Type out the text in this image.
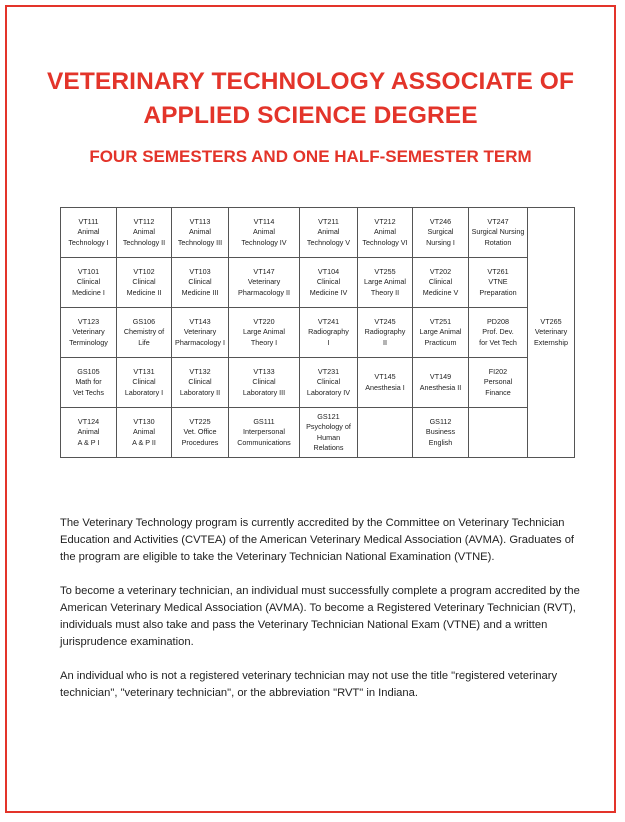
VETERINARY TECHNOLOGY ASSOCIATE OF APPLIED SCIENCE DEGREE
FOUR SEMESTERS AND ONE HALF-SEMESTER TERM
VT111
Animal
Technology I	VT112
Animal
Technology II	VT113
Animal
Technology III	VT114
Animal
Technology IV	VT211
Animal
Technology V	VT212
Animal
Technology VI	VT246
Surgical
Nursing I	VT247
Surgical Nursing
Rotation	VT265
Veterinary
Externship

VT101
Clinical
Medicine I	VT102
Clinical
Medicine II	VT103
Clinical
Medicine III	VT147
Veterinary
Pharmacology II	VT104
Clinical
Medicine IV	VT255
Large Animal
Theory II	VT202
Clinical
Medicine V	VT261
VTNE
Preparation	

VT123
Veterinary
Terminology	GS106
Chemistry of
Life	VT143
Veterinary
Pharmacology I	VT220
Large Animal
Theory I	VT241
Radiography
I	VT245
Radiography
II	VT251
Large Animal
Practicum	PD208
Prof. Dev.
for Vet Tech	

GS105
Math for
Vet Techs	VT131
Clinical
Laboratory I	VT132
Clinical
Laboratory II	VT133
Clinical
Laboratory III	VT231
Clinical
Laboratory IV	VT145
Anesthesia I	VT149
Anesthesia II	FI202
Personal
Finance	

VT124
Animal
A & P I	VT130
Animal
A & P II	VT225
Vet. Office
Procedures	GS111
Interpersonal
Communications	GS121
Psychology of
Human Relations		GS112
Business
English		

The Veterinary Technology program is currently accredited by the Committee on Veterinary Technician Education and Activities (CVTEA) of the American Veterinary Medical Association (AVMA). Graduates of the program are eligible to take the Veterinary Technician National Examination (VTNE).

To become a veterinary technician, an individual must successfully complete a program accredited by the American Veterinary Medical Association (AVMA). To become a Registered Veterinary Technician (RVT), individuals must also take and pass the Veterinary Technician National Exam (VTNE) and a written jurisprudence examination.

An individual who is not a registered veterinary technician may not use the title "registered veterinary technician", "veterinary technician", or the abbreviation "RVT" in Indiana.
